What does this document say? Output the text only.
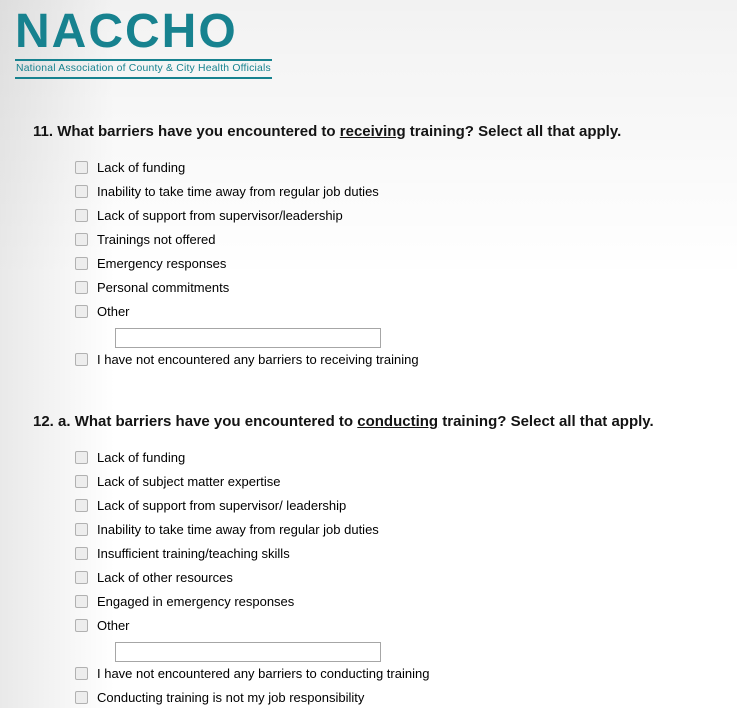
NACCHO
National Association of County & City Health Officials
11. What barriers have you encountered to receiving training? Select all that apply.
Lack of funding
Inability to take time away from regular job duties
Lack of support from supervisor/leadership
Trainings not offered
Emergency responses
Personal commitments
Other
I have not encountered any barriers to receiving training
12. a. What barriers have you encountered to conducting training? Select all that apply.
Lack of funding
Lack of subject matter expertise
Lack of support from supervisor/ leadership
Inability to take time away from regular job duties
Insufficient training/teaching skills
Lack of other resources
Engaged in emergency responses
Other
I have not encountered any barriers to conducting training
Conducting training is not my job responsibility
